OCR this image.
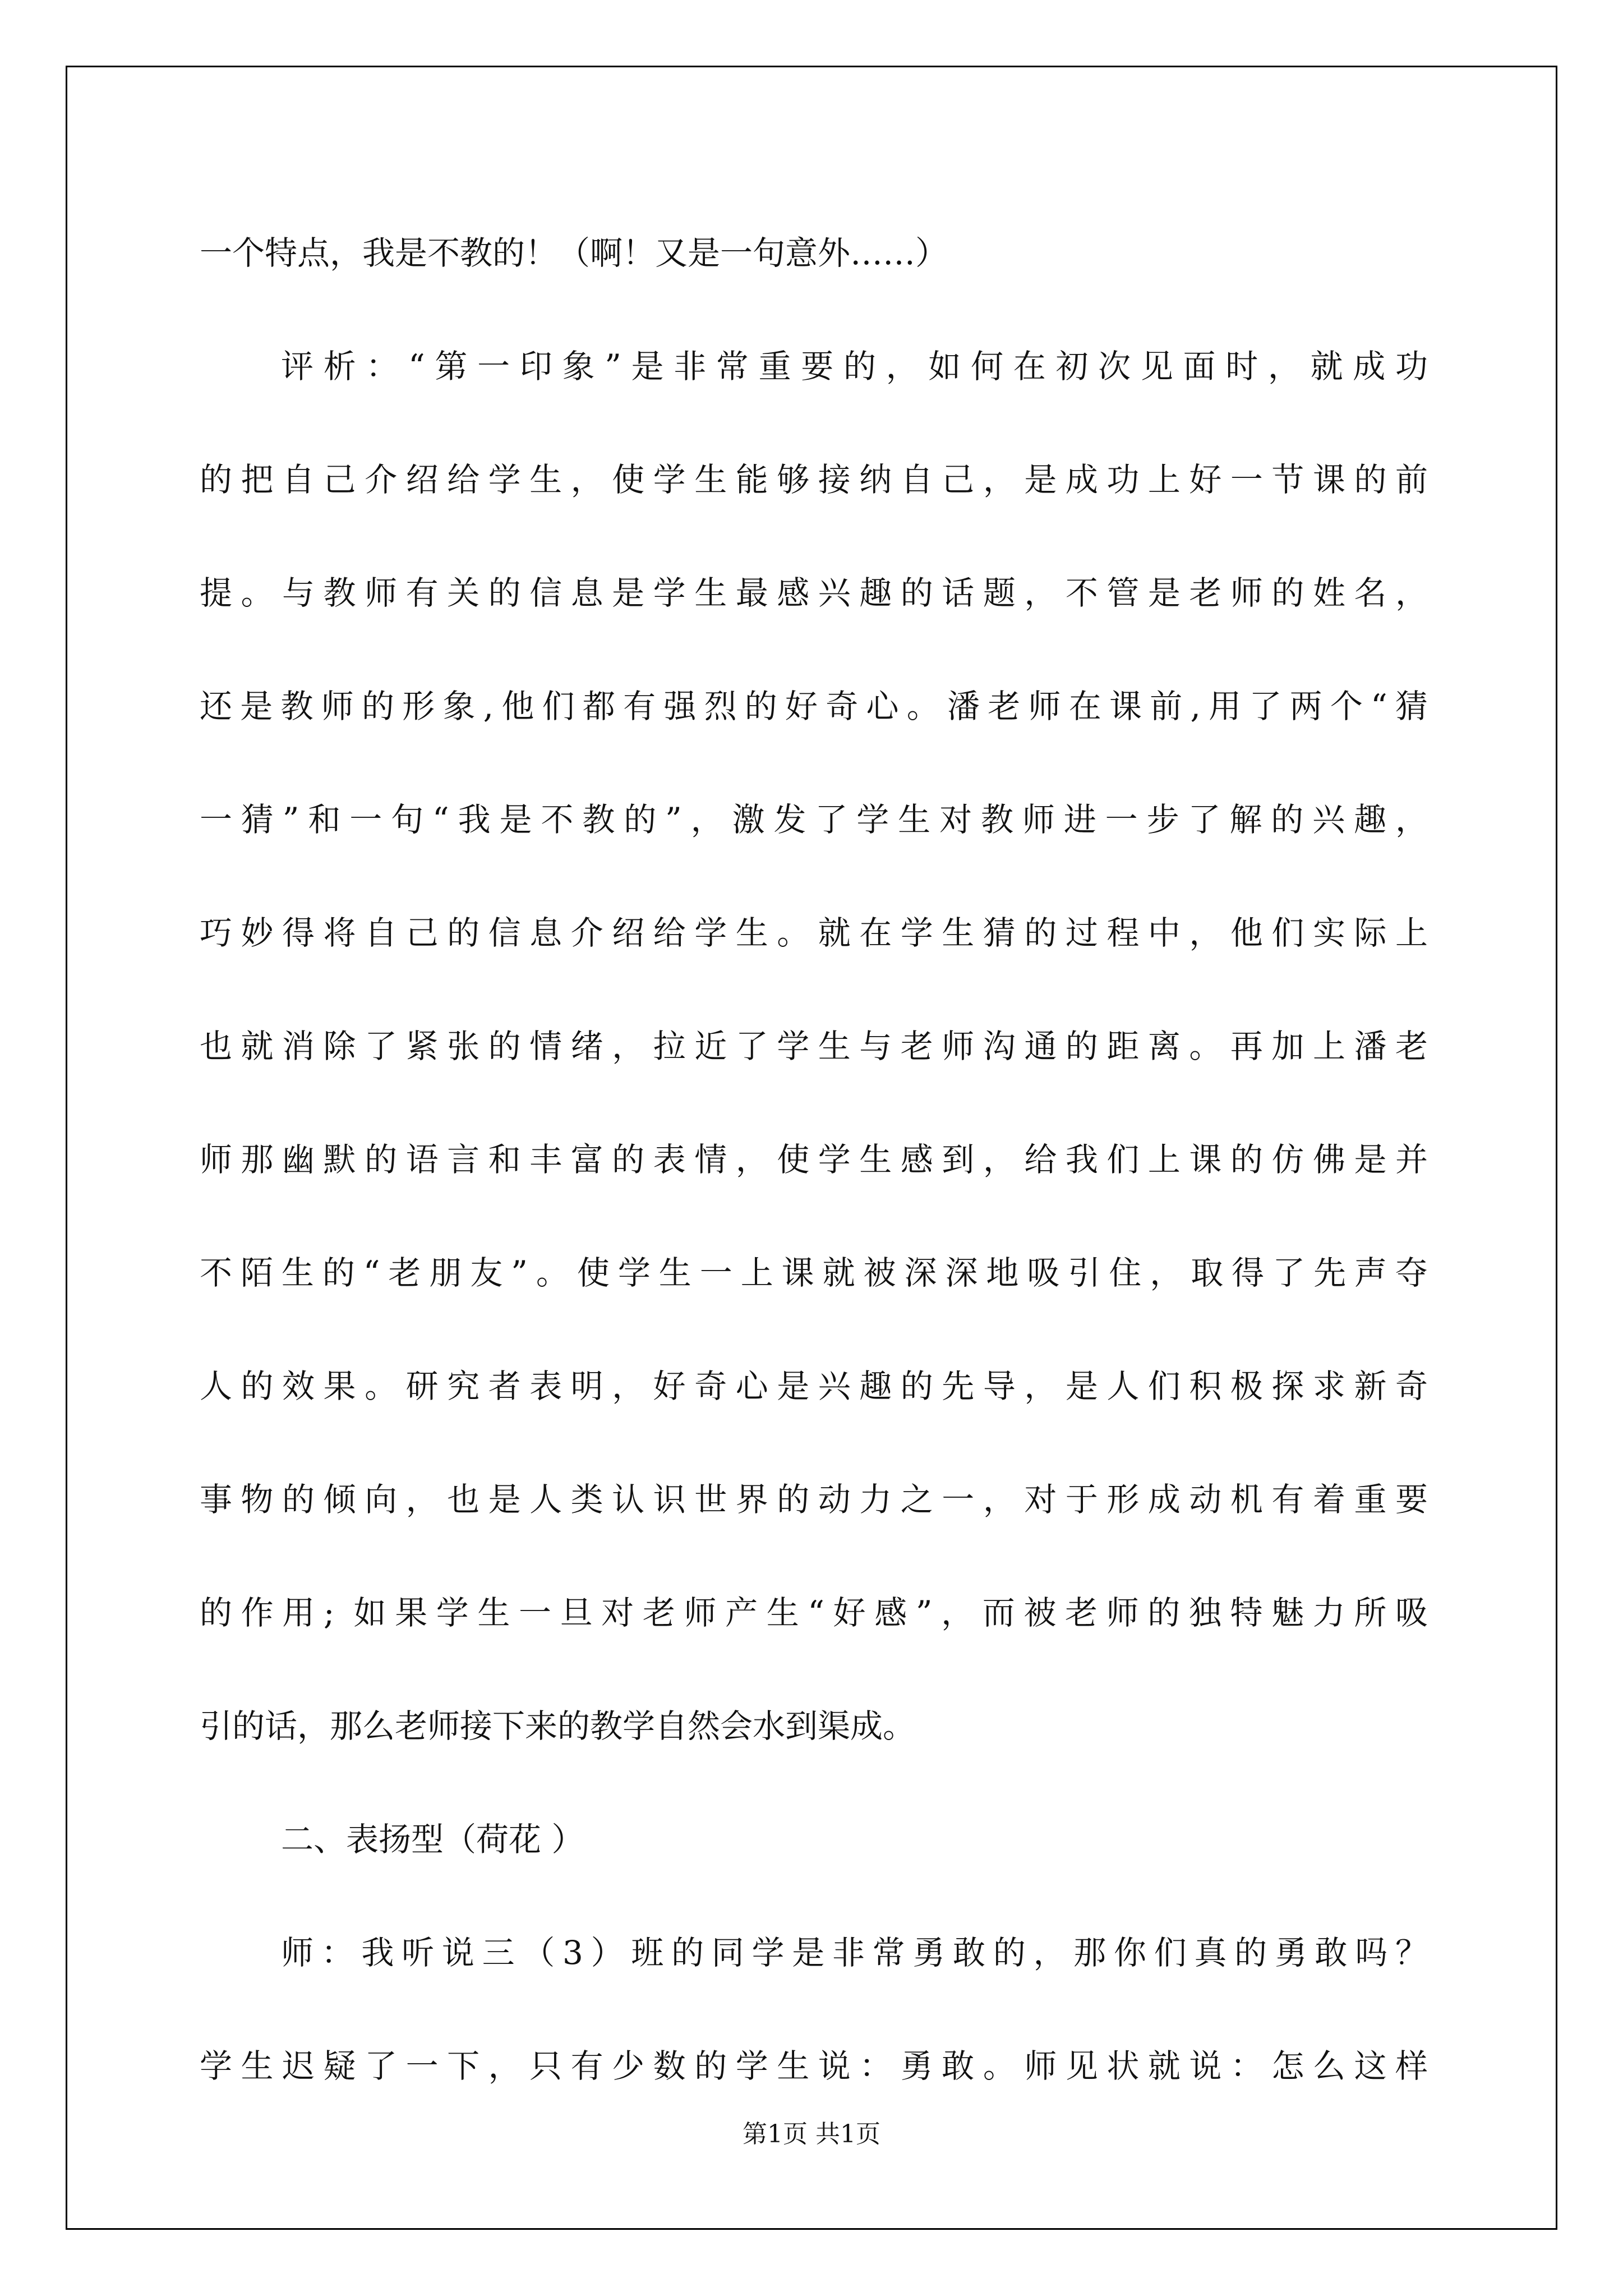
一个特点，我是不教的！（啊！又是一句意外……）
评析：“第一印象”是非常重要的，如何在初次见面时，就成功
的把自己介绍给学生，使学生能够接纳自己，是成功上好一节课的前
提。与教师有关的信息是学生最感兴趣的话题，不管是老师的姓名，
还是教师的形象,他们都有强烈的好奇心。潘老师在课前,用了两个“猜
一猜”和一句“我是不教的”，激发了学生对教师进一步了解的兴趣，
巧妙得将自己的信息介绍给学生。就在学生猜的过程中，他们实际上
也就消除了紧张的情绪，拉近了学生与老师沟通的距离。再加上潘老
师那幽默的语言和丰富的表情，使学生感到，给我们上课的仿佛是并
不陌生的“老朋友”。使学生一上课就被深深地吸引住，取得了先声夺
人的效果。研究者表明，好奇心是兴趣的先导，是人们积极探求新奇
事物的倾向，也是人类认识世界的动力之一，对于形成动机有着重要
的作用; 如果学生一旦对老师产生“好感”，而被老师的独特魅力所吸
引的话，那么老师接下来的教学自然会水到渠成。
二、表扬型（荷花 ）
师：我听说三（3）班的同学是非常勇敢的，那你们真的勇敢吗？
学生迟疑了一下，只有少数的学生说：勇敢。师见状就说：怎么这样
第1页 共1页
